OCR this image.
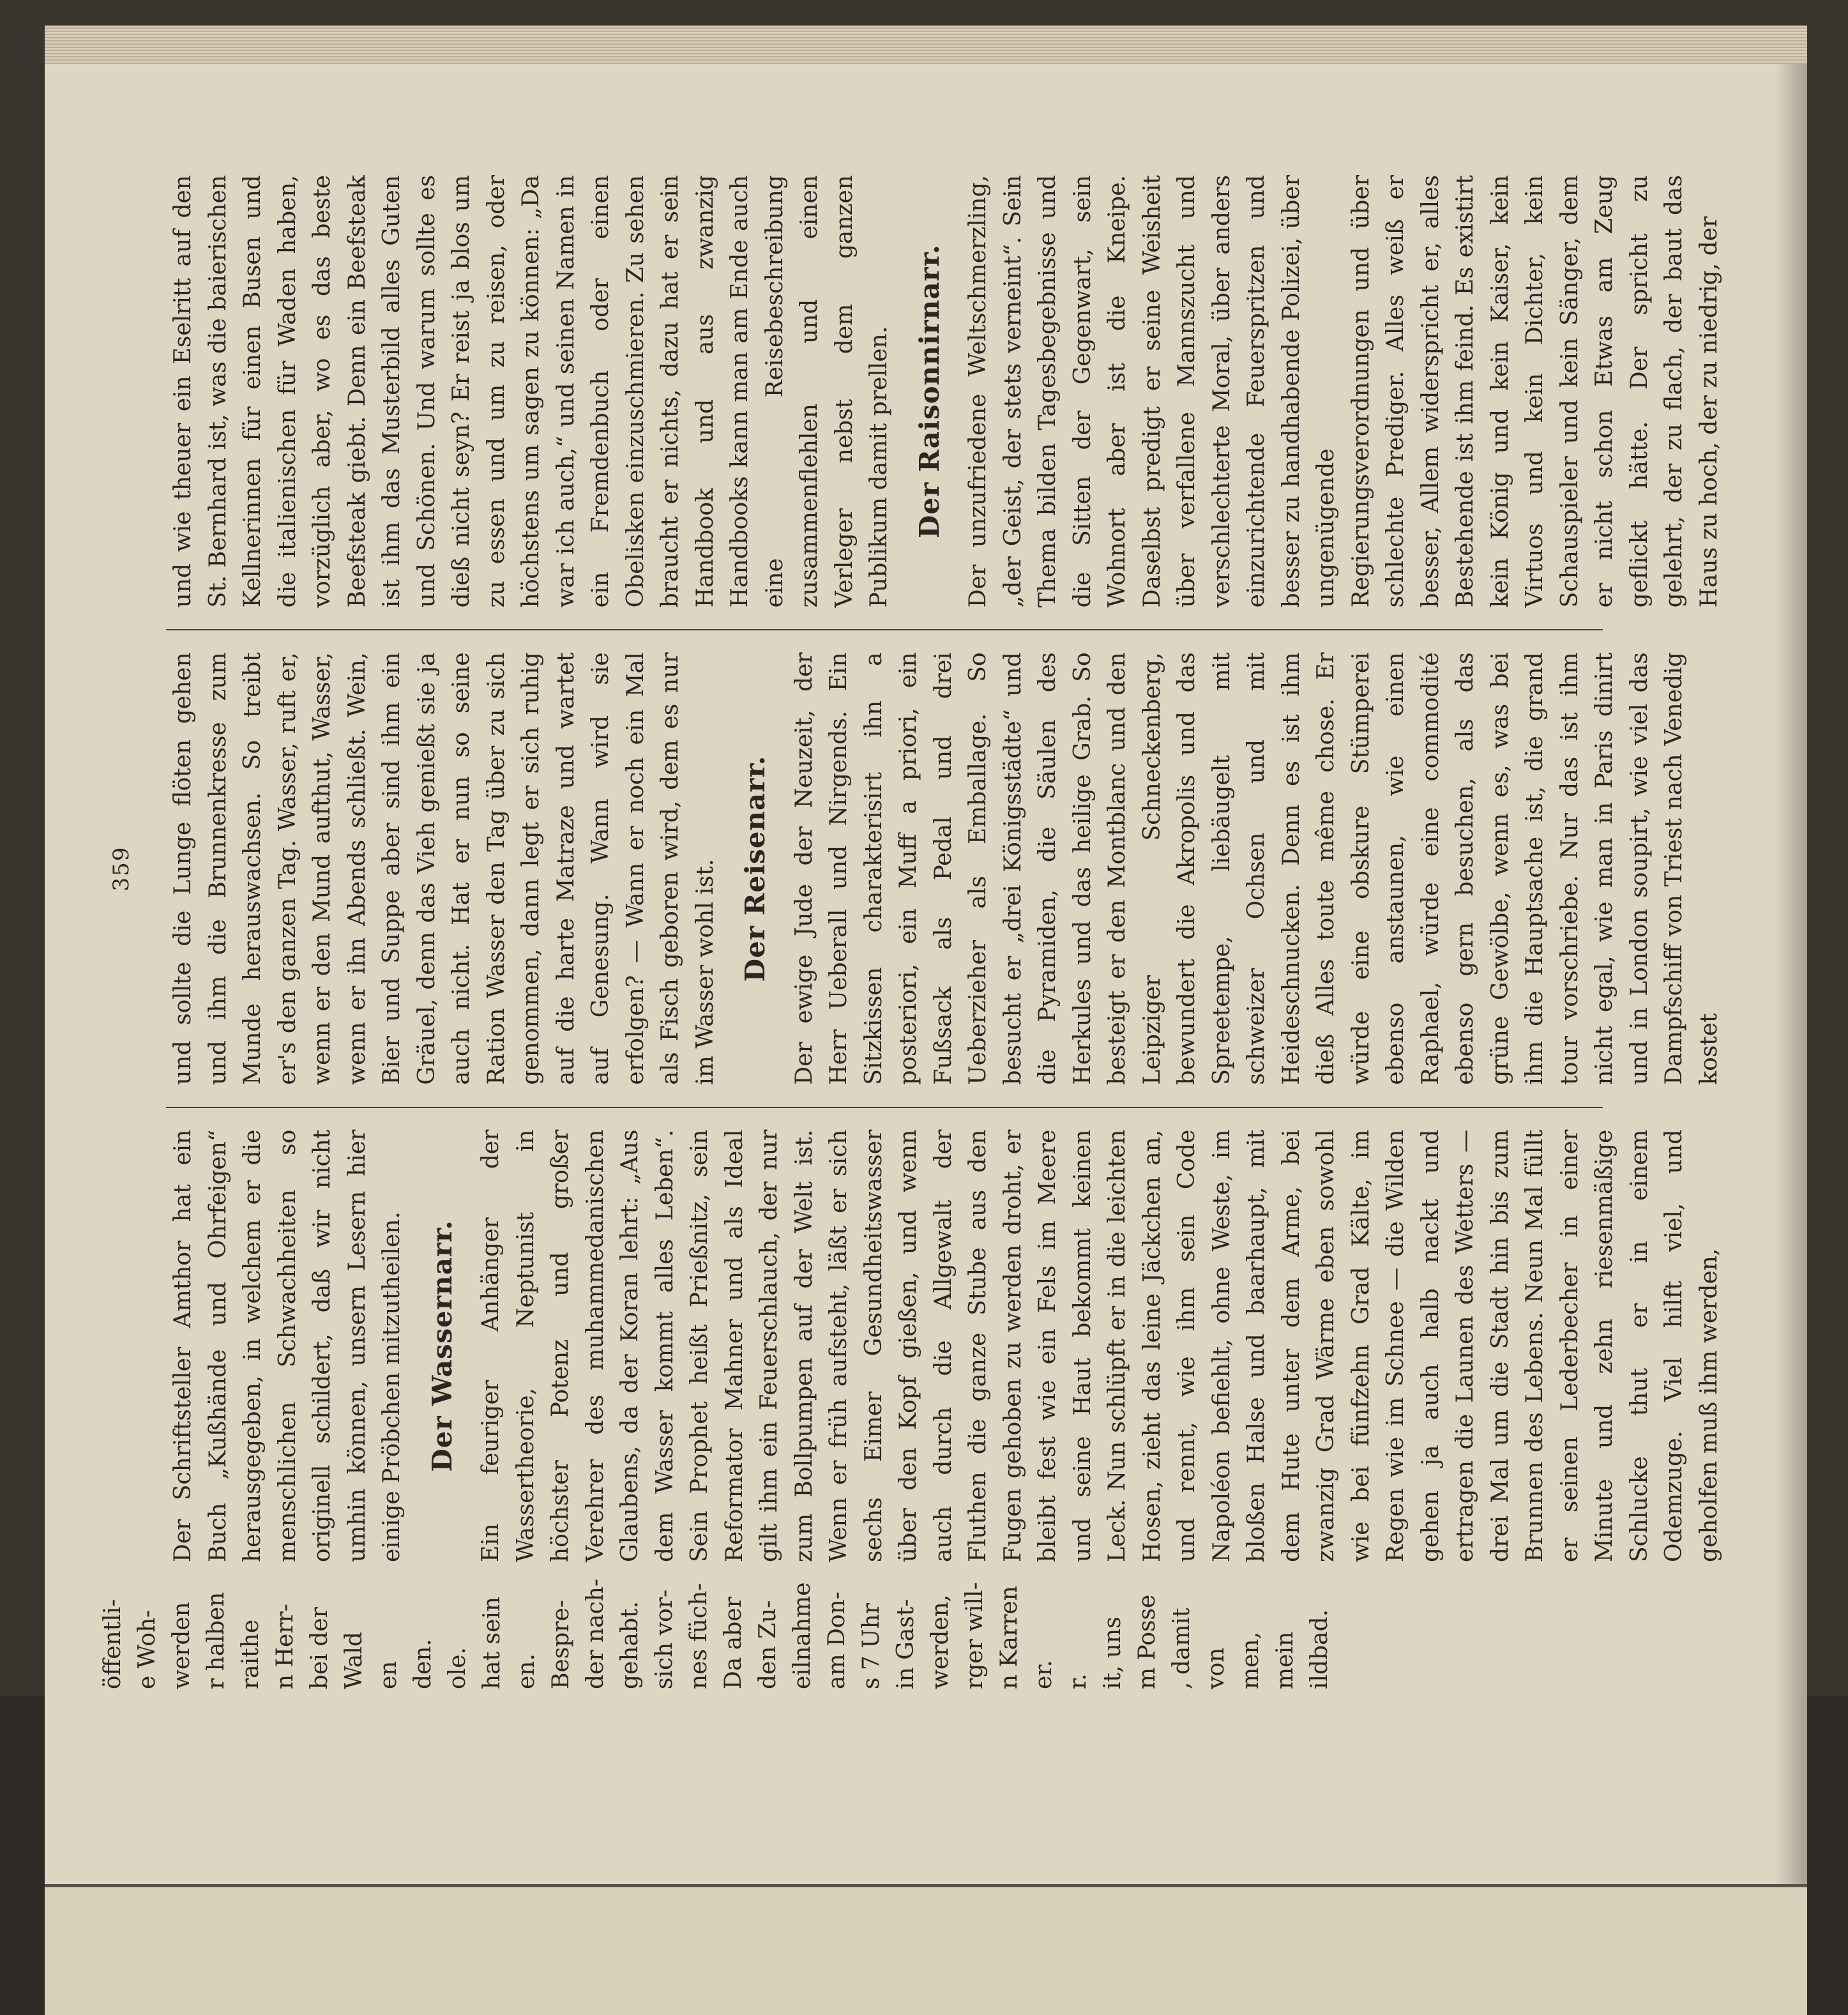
359

Der Schriftsteller Amthor hat ein Buch „Kußhände und Ohrfeigen“ herausgegeben, in welchem er die menschlichen Schwachheiten so originell schildert, daß wir nicht umhin können, unsern Lesern hier einige Pröbchen mitzutheilen. Der Wassernarr. Ein feuriger Anhänger der Wassertheorie, Neptunist in höchster Potenz und großer Verehrer des muhammedanischen Glaubens, da der Koran lehrt: „Aus dem Wasser kommt alles Leben“. Sein Prophet heißt Prießnitz, sein Reformator Mahner und als Ideal gilt ihm ein Feuerschlauch, der nur zum Bollpumpen auf der Welt ist. Wenn er früh aufsteht, läßt er sich sechs Eimer Gesundheitswasser über den Kopf gießen, und wenn auch durch die Allgewalt der Fluthen die ganze Stube aus den Fugen gehoben zu werden droht, er bleibt fest wie ein Fels im Meere und seine Haut bekommt keinen Leck. Nun schlüpft er in die leichten Hosen, zieht das leine Jäckchen an, und rennt, wie ihm sein Code Napoléon befiehlt, ohne Weste, im bloßen Halse und baarhaupt, mit dem Hute unter dem Arme, bei zwanzig Grad Wärme eben sowohl wie bei fünfzehn Grad Kälte, im Regen wie im Schnee — die Wilden gehen ja auch halb nackt und ertragen die Launen des Wetters — drei Mal um die Stadt hin bis zum Brunnen des Lebens. Neun Mal füllt er seinen Lederbecher in einer Minute und zehn riesenmäßige Schlucke thut er in einem Odemzuge. Viel hilft viel, und geholfen muß ihm werden,

und sollte die Lunge flöten gehen und ihm die Brunnenkresse zum Munde herauswachsen. So treibt er's den ganzen Tag. Wasser, ruft er, wenn er den Mund aufthut, Wasser, wenn er ihn Abends schließt. Wein, Bier und Suppe aber sind ihm ein Gräuel, denn das Vieh genießt sie ja auch nicht. Hat er nun so seine Ration Wasser den Tag über zu sich genommen, dann legt er sich ruhig auf die harte Matraze und wartet auf Genesung. Wann wird sie erfolgen? — Wann er noch ein Mal als Fisch geboren wird, dem es nur im Wasser wohl ist. Der Reisenarr. Der ewige Jude der Neuzeit, der Herr Ueberall und Nirgends. Ein Sitzkissen charakterisirt ihn a posteriori, ein Muff a priori, ein Fußsack als Pedal und drei Ueberzieher als Emballage. So besucht er „drei Königsstädte“ und die Pyramiden, die Säulen des Herkules und das heilige Grab. So besteigt er den Montblanc und den Leipziger Schneckenberg, bewundert die Akropolis und das Spreetempe, liebäugelt mit schweizer Ochsen und mit Heideschnucken. Denn es ist ihm dieß Alles toute même chose. Er würde eine obskure Stümperei ebenso anstaunen, wie einen Raphael, würde eine commodité ebenso gern besuchen, als das grüne Gewölbe, wenn es, was bei ihm die Hauptsache ist, die grand tour vorschriebe. Nur das ist ihm nicht egal, wie man in Paris dinirt und in London soupirt, wie viel das Dampfschiff von Triest nach Venedig kostet

und wie theuer ein Eselritt auf den St. Bernhard ist, was die baierischen Kellnerinnen für einen Busen und die italienischen für Waden haben, vorzüglich aber, wo es das beste Beefsteak giebt. Denn ein Beefsteak ist ihm das Musterbild alles Guten und Schönen. Und warum sollte es dieß nicht seyn? Er reist ja blos um zu essen und um zu reisen, oder höchstens um sagen zu können: „Da war ich auch,“ und seinen Namen in ein Fremdenbuch oder einen Obelisken einzuschmieren. Zu sehen braucht er nichts, dazu hat er sein Handbook und aus zwanzig Handbooks kann man am Ende auch eine Reisebeschreibung zusammenflehlen und einen Verleger nebst dem ganzen Publikum damit prellen. Der Raisonnirnarr. Der unzufriedene Weltschmerzling, „der Geist, der stets verneint“. Sein Thema bilden Tagesbegebnisse und die Sitten der Gegenwart, sein Wohnort aber ist die Kneipe. Daselbst predigt er seine Weisheit über verfallene Mannszucht und verschlechterte Moral, über anders einzurichtende Feuerspritzen und besser zu handhabende Polizei, über ungenügende Regierungsverordnungen und über schlechte Prediger. Alles weiß er besser, Allem widerspricht er, alles Bestehende ist ihm feind. Es existirt kein König und kein Kaiser, kein Virtuos und kein Dichter, kein Schauspieler und kein Sänger, dem er nicht schon Etwas am Zeug geflickt hätte. Der spricht zu gelehrt, der zu flach, der baut das Haus zu hoch, der zu niedrig, der

öffentli- e Woh- werden r halben raithe n Herr- bei der Wald en den. ole. hat sein en. Bespre- der nach- gehabt. sich vor- nes füch- Da aber den Zu- eilnahme am Don- s 7 Uhr in Gast- werden, rger will- n Karren er. r. it, uns m Posse , damit von men, mein ildbad.
